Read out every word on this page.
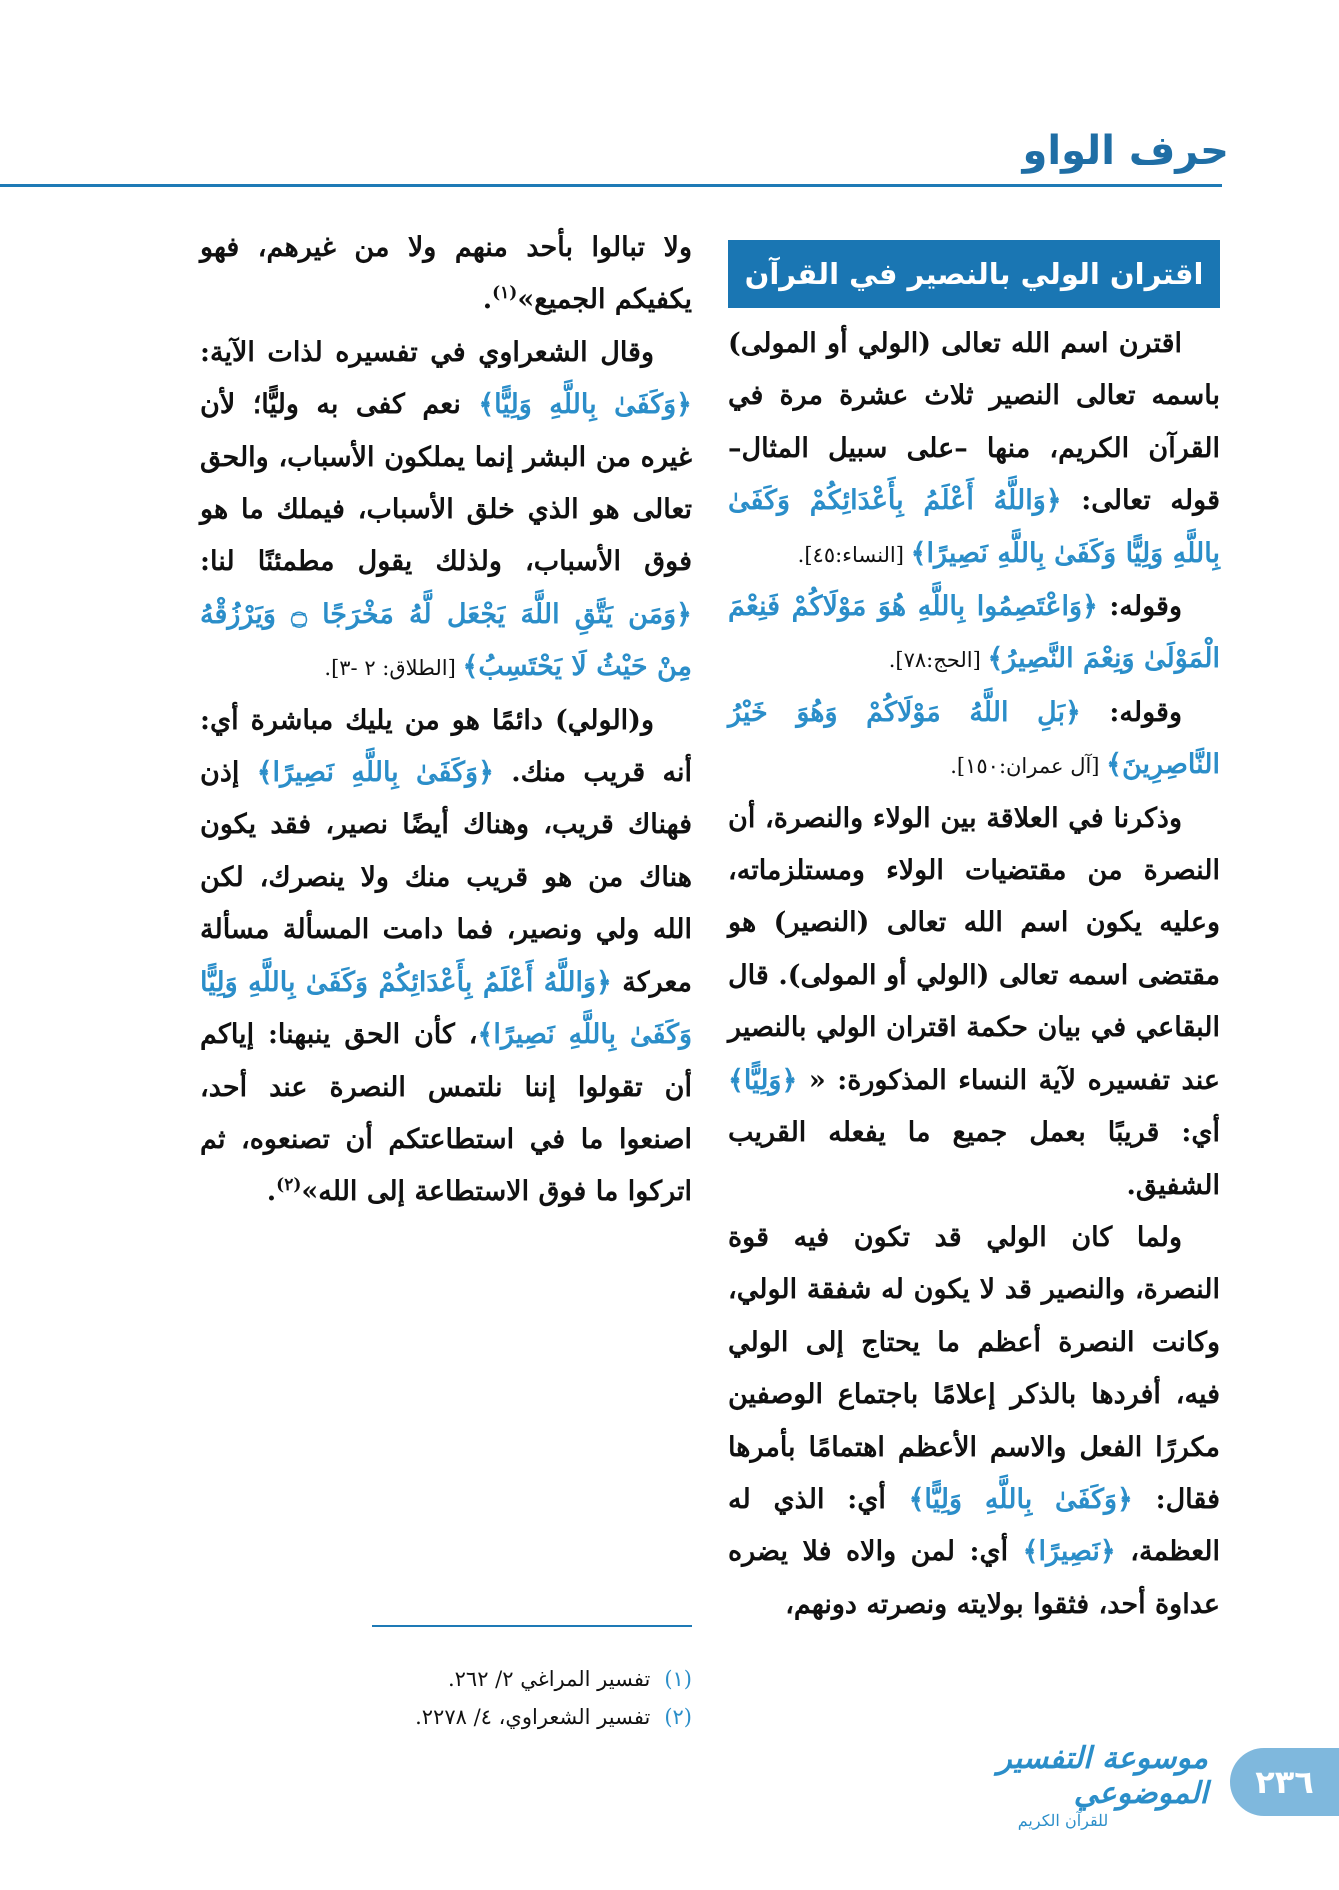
حرف الواو
اقتران الولي بالنصير في القرآن

اقترن اسم الله تعالى (الولي أو المولى) باسمه تعالى النصير ثلاث عشرة مرة في القرآن الكريم، منها –على سبيل المثال– قوله تعالى: ﴿وَاللَّهُ أَعْلَمُ بِأَعْدَائِكُمْ وَكَفَىٰ بِاللَّهِ وَلِيًّا وَكَفَىٰ بِاللَّهِ نَصِيرًا﴾ [النساء:٤٥].

وقوله: ﴿وَاعْتَصِمُوا بِاللَّهِ هُوَ مَوْلَاكُمْ فَنِعْمَ الْمَوْلَىٰ وَنِعْمَ النَّصِيرُ﴾ [الحج:٧٨].

وقوله: ﴿بَلِ اللَّهُ مَوْلَاكُمْ وَهُوَ خَيْرُ النَّاصِرِينَ﴾ [آل عمران:١٥٠].

وذكرنا في العلاقة بين الولاء والنصرة، أن النصرة من مقتضيات الولاء ومستلزماته، وعليه يكون اسم الله تعالى (النصير) هو مقتضى اسمه تعالى (الولي أو المولى). قال البقاعي في بيان حكمة اقتران الولي بالنصير عند تفسيره لآية النساء المذكورة: « ﴿وَلِيًّا﴾ أي: قريبًا بعمل جميع ما يفعله القريب الشفيق.

ولما كان الولي قد تكون فيه قوة النصرة، والنصير قد لا يكون له شفقة الولي، وكانت النصرة أعظم ما يحتاج إلى الولي فيه، أفردها بالذكر إعلامًا باجتماع الوصفين مكررًا الفعل والاسم الأعظم اهتمامًا بأمرها فقال: ﴿وَكَفَىٰ بِاللَّهِ وَلِيًّا﴾ أي: الذي له العظمة، ﴿نَصِيرًا﴾ أي: لمن والاه فلا يضره عداوة أحد، فثقوا بولايته ونصرته دونهم،

ولا تبالوا بأحد منهم ولا من غيرهم، فهو يكفيكم الجميع»$^{(١)}$.

وقال الشعراوي في تفسيره لذات الآية: ﴿وَكَفَىٰ بِاللَّهِ وَلِيًّا﴾ نعم كفى به وليًّا؛ لأن غيره من البشر إنما يملكون الأسباب، والحق تعالى هو الذي خلق الأسباب، فيملك ما هو فوق الأسباب، ولذلك يقول مطمئنًا لنا: ﴿وَمَن يَتَّقِ اللَّهَ يَجْعَل لَّهُ مَخْرَجًا ۝ وَيَرْزُقْهُ مِنْ حَيْثُ لَا يَحْتَسِبُ﴾ [الطلاق: ٢ -٣].

و(الولي) دائمًا هو من يليك مباشرة أي: أنه قريب منك. ﴿وَكَفَىٰ بِاللَّهِ نَصِيرًا﴾ إذن فهناك قريب، وهناك أيضًا نصير، فقد يكون هناك من هو قريب منك ولا ينصرك، لكن الله ولي ونصير، فما دامت المسألة مسألة معركة ﴿وَاللَّهُ أَعْلَمُ بِأَعْدَائِكُمْ وَكَفَىٰ بِاللَّهِ وَلِيًّا وَكَفَىٰ بِاللَّهِ نَصِيرًا﴾، كأن الحق ينبهنا: إياكم أن تقولوا إننا نلتمس النصرة عند أحد، اصنعوا ما في استطاعتكم أن تصنعوه، ثم اتركوا ما فوق الاستطاعة إلى الله»$^{(٢)}$.

(١)تفسير المراغي ٢/ ٢٦٢.
(٢)تفسير الشعراوي، ٤/ ٢٢٧٨.
موسوعة التفسير الموضوعي
للقرآن الكريم
٢٣٦
